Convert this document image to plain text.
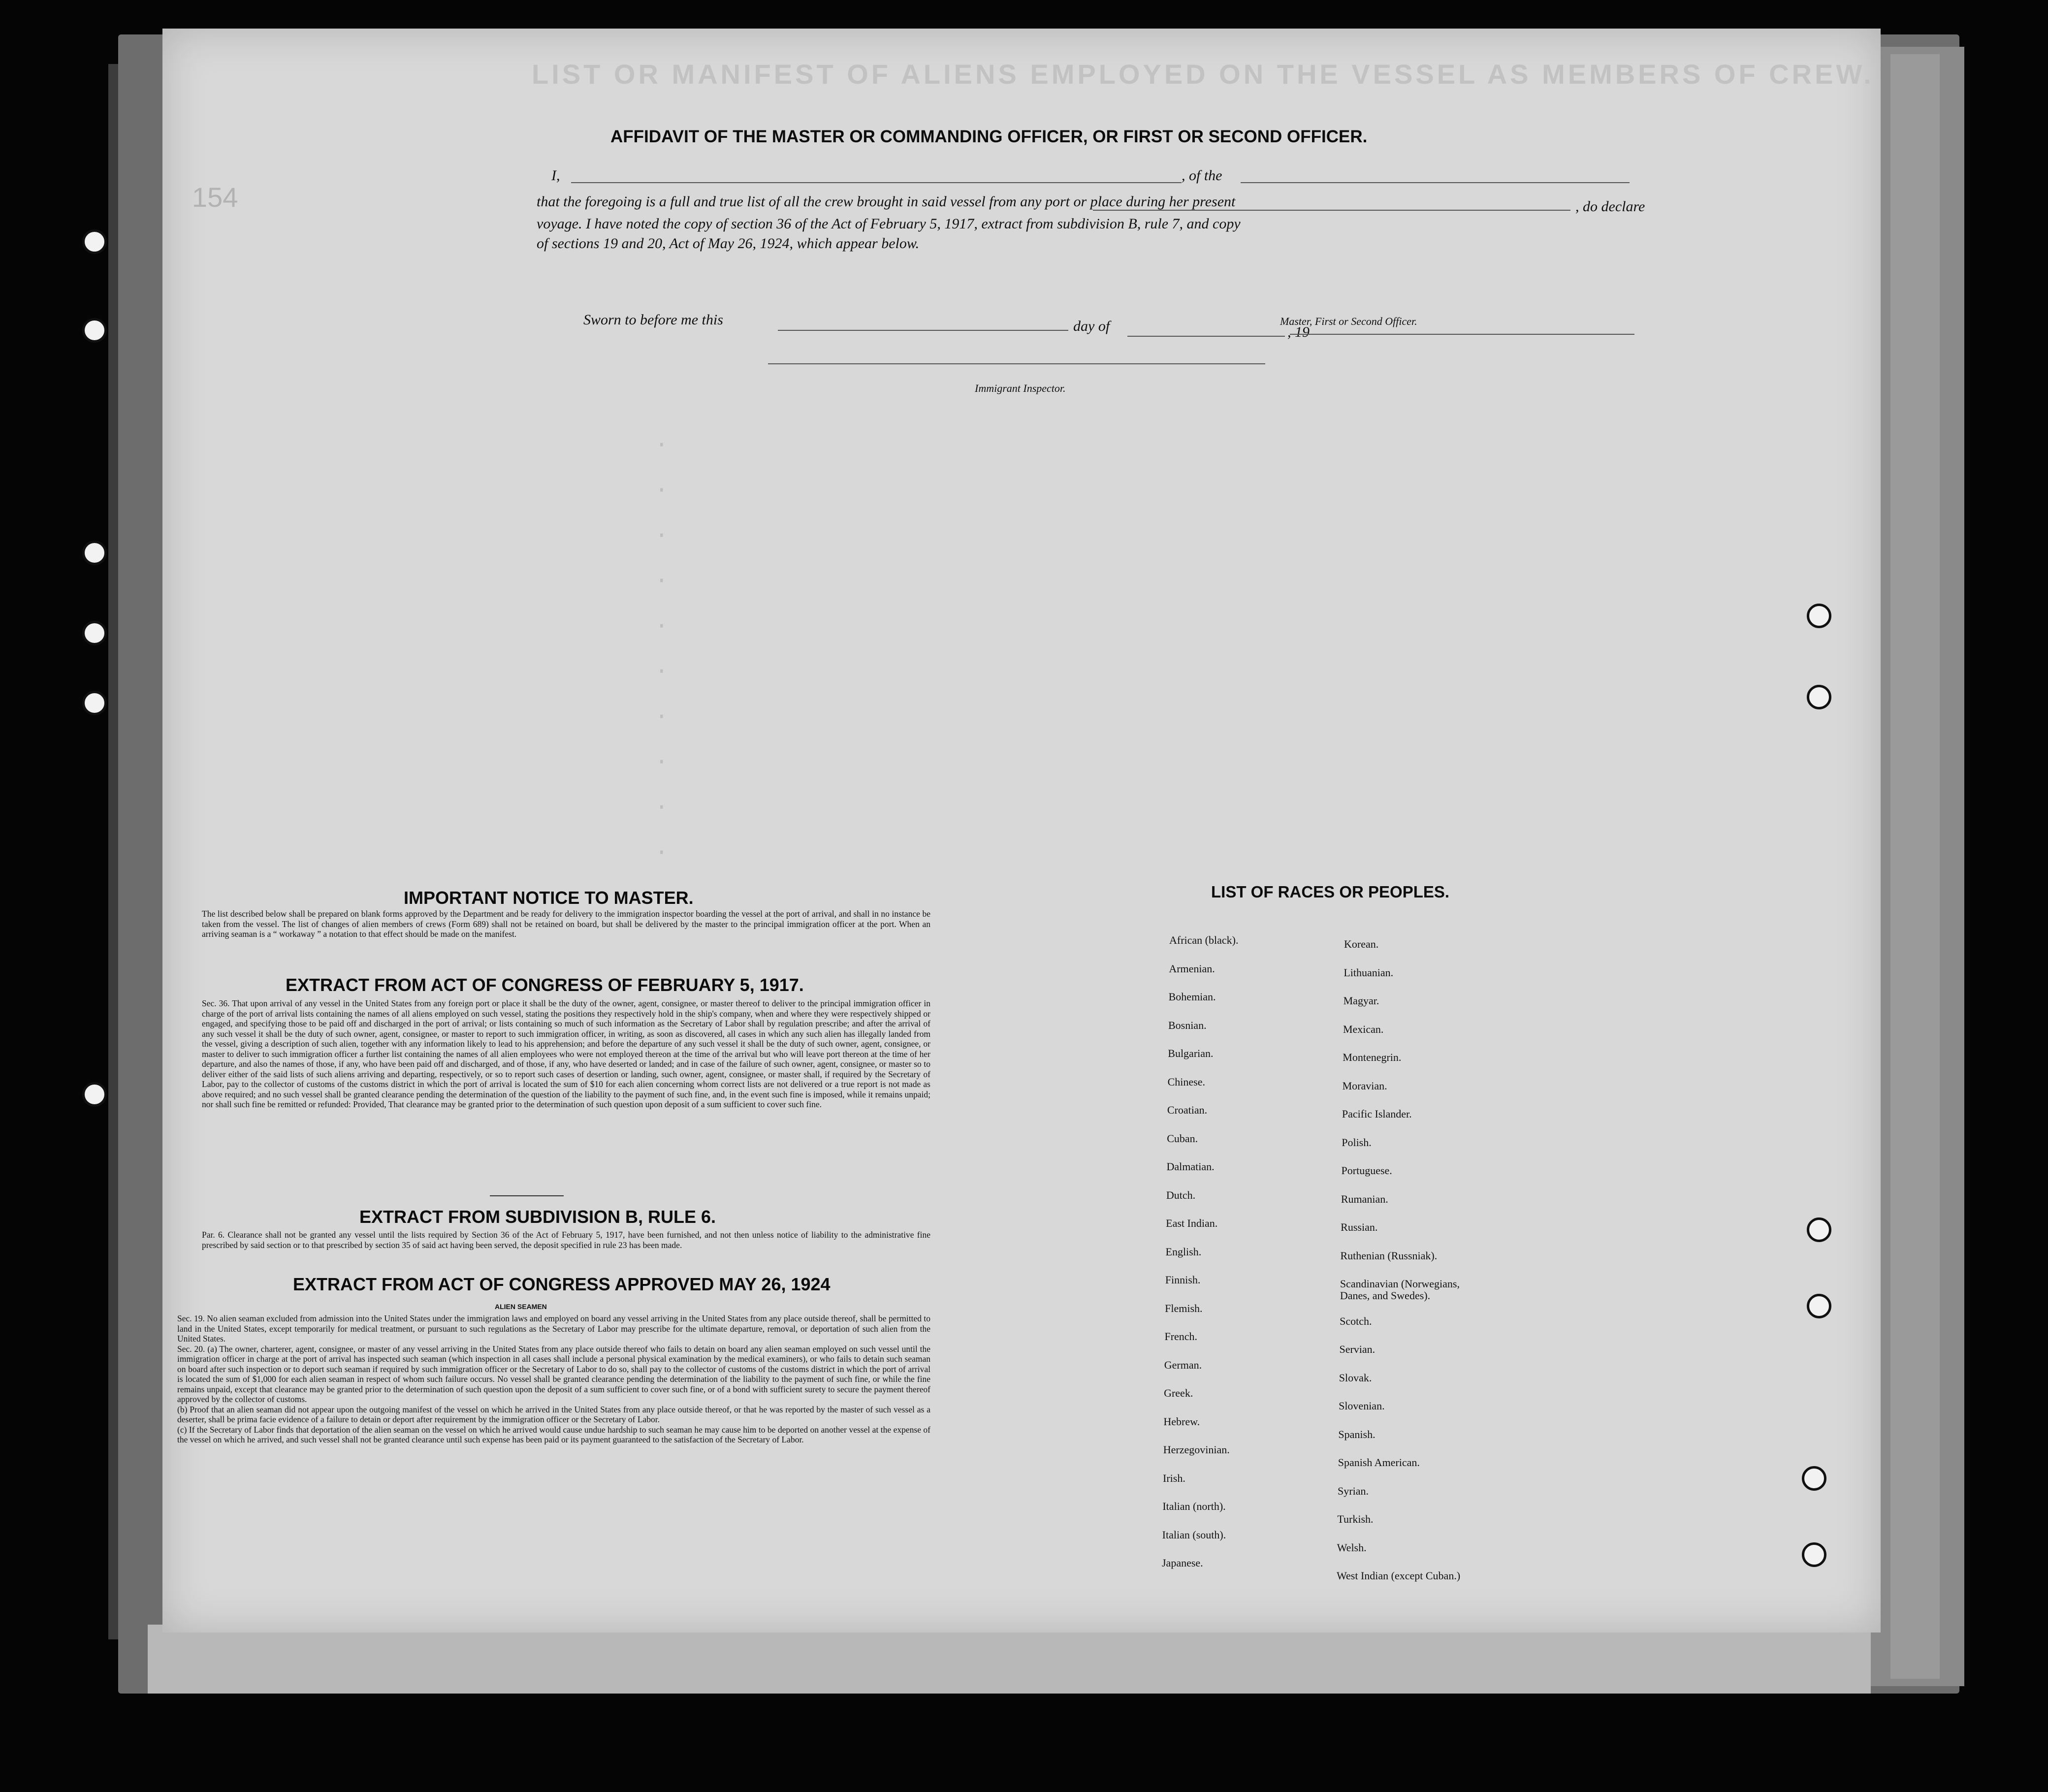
LIST OR MANIFEST OF ALIENS EMPLOYED ON THE VESSEL AS MEMBERS OF CREW.
154
AFFIDAVIT OF THE MASTER OR COMMANDING OFFICER, OR FIRST OR SECOND OFFICER.
I,	, of the
that the foregoing is a full and true list of all the crew brought in said vessel from any port or place during her present	, do declare
voyage. I have noted the copy of section 36 of the Act of February 5, 1917, extract from subdivision B, rule 7, and copy
of sections 19 and 20, Act of May 26, 1924, which appear below.
Sworn to before me this	day of	, 19
Master, First or Second Officer.
Immigrant Inspector.
·
·
·
·
·
·
·
·
·
·
IMPORTANT NOTICE TO MASTER.
The list described below shall be prepared on blank forms approved by the Department and be ready for delivery to the immigration inspector boarding the vessel at the port of arrival, and shall in no instance be taken from the vessel. The list of changes of alien members of crews (Form 689) shall not be retained on board, but shall be delivered by the master to the principal immigration officer at the port. When an arriving seaman is a “ workaway ” a notation to that effect should be made on the manifest.
EXTRACT FROM ACT OF CONGRESS OF FEBRUARY 5, 1917.
Sec. 36. That upon arrival of any vessel in the United States from any foreign port or place it shall be the duty of the owner, agent, consignee, or master thereof to deliver to the principal immigration officer in charge of the port of arrival lists containing the names of all aliens employed on such vessel, stating the positions they respectively hold in the ship's company, when and where they were respectively shipped or engaged, and specifying those to be paid off and discharged in the port of arrival; or lists containing so much of such information as the Secretary of Labor shall by regulation prescribe; and after the arrival of any such vessel it shall be the duty of such owner, agent, consignee, or master to report to such immigration officer, in writing, as soon as discovered, all cases in which any such alien has illegally landed from the vessel, giving a description of such alien, together with any information likely to lead to his apprehension; and before the departure of any such vessel it shall be the duty of such owner, agent, consignee, or master to deliver to such immigration officer a further list containing the names of all alien employees who were not employed thereon at the time of the arrival but who will leave port thereon at the time of her departure, and also the names of those, if any, who have been paid off and discharged, and of those, if any, who have deserted or landed; and in case of the failure of such owner, agent, consignee, or master so to deliver either of the said lists of such aliens arriving and departing, respectively, or so to report such cases of desertion or landing, such owner, agent, consignee, or master shall, if required by the Secretary of Labor, pay to the collector of customs of the customs district in which the port of arrival is located the sum of $10 for each alien concerning whom correct lists are not delivered or a true report is not made as above required; and no such vessel shall be granted clearance pending the determination of the question of the liability to the payment of such fine, and, in the event such fine is imposed, while it remains unpaid; nor shall such fine be remitted or refunded: Provided, That clearance may be granted prior to the determination of such question upon deposit of a sum sufficient to cover such fine.
EXTRACT FROM SUBDIVISION B, RULE 6.
Par. 6. Clearance shall not be granted any vessel until the lists required by Section 36 of the Act of February 5, 1917, have been furnished, and not then unless notice of liability to the administrative fine prescribed by said section or to that prescribed by section 35 of said act having been served, the deposit specified in rule 23 has been made.
EXTRACT FROM ACT OF CONGRESS APPROVED MAY 26, 1924
ALIEN SEAMEN
Sec. 19. No alien seaman excluded from admission into the United States under the immigration laws and employed on board any vessel arriving in the United States from any place outside thereof, shall be permitted to land in the United States, except temporarily for medical treatment, or pursuant to such regulations as the Secretary of Labor may prescribe for the ultimate departure, removal, or deportation of such alien from the United States.
Sec. 20. (a) The owner, charterer, agent, consignee, or master of any vessel arriving in the United States from any place outside thereof who fails to detain on board any alien seaman employed on such vessel until the immigration officer in charge at the port of arrival has inspected such seaman (which inspection in all cases shall include a personal physical examination by the medical examiners), or who fails to detain such seaman on board after such inspection or to deport such seaman if required by such immigration officer or the Secretary of Labor to do so, shall pay to the collector of customs of the customs district in which the port of arrival is located the sum of $1,000 for each alien seaman in respect of whom such failure occurs. No vessel shall be granted clearance pending the determination of the liability to the payment of such fine, or while the fine remains unpaid, except that clearance may be granted prior to the determination of such question upon the deposit of a sum sufficient to cover such fine, or of a bond with sufficient surety to secure the payment thereof approved by the collector of customs.
(b) Proof that an alien seaman did not appear upon the outgoing manifest of the vessel on which he arrived in the United States from any place outside thereof, or that he was reported by the master of such vessel as a deserter, shall be prima facie evidence of a failure to detain or deport after requirement by the immigration officer or the Secretary of Labor.
(c) If the Secretary of Labor finds that deportation of the alien seaman on the vessel on which he arrived would cause undue hardship to such seaman he may cause him to be deported on another vessel at the expense of the vessel on which he arrived, and such vessel shall not be granted clearance until such expense has been paid or its payment guaranteed to the satisfaction of the Secretary of Labor.
LIST OF RACES OR PEOPLES.
African (black).
Armenian.
Bohemian.
Bosnian.
Bulgarian.
Chinese.
Croatian.
Cuban.
Dalmatian.
Dutch.
East Indian.
English.
Finnish.
Flemish.
French.
German.
Greek.
Hebrew.
Herzegovinian.
Irish.
Italian (north).
Italian (south).
Japanese.
Korean.
Lithuanian.
Magyar.
Mexican.
Montenegrin.
Moravian.
Pacific Islander.
Polish.
Portuguese.
Rumanian.
Russian.
Ruthenian (Russniak).
Scandinavian (Norwegians,
Danes, and Swedes).
Scotch.
Servian.
Slovak.
Slovenian.
Spanish.
Spanish American.
Syrian.
Turkish.
Welsh.
West Indian (except Cuban.)
